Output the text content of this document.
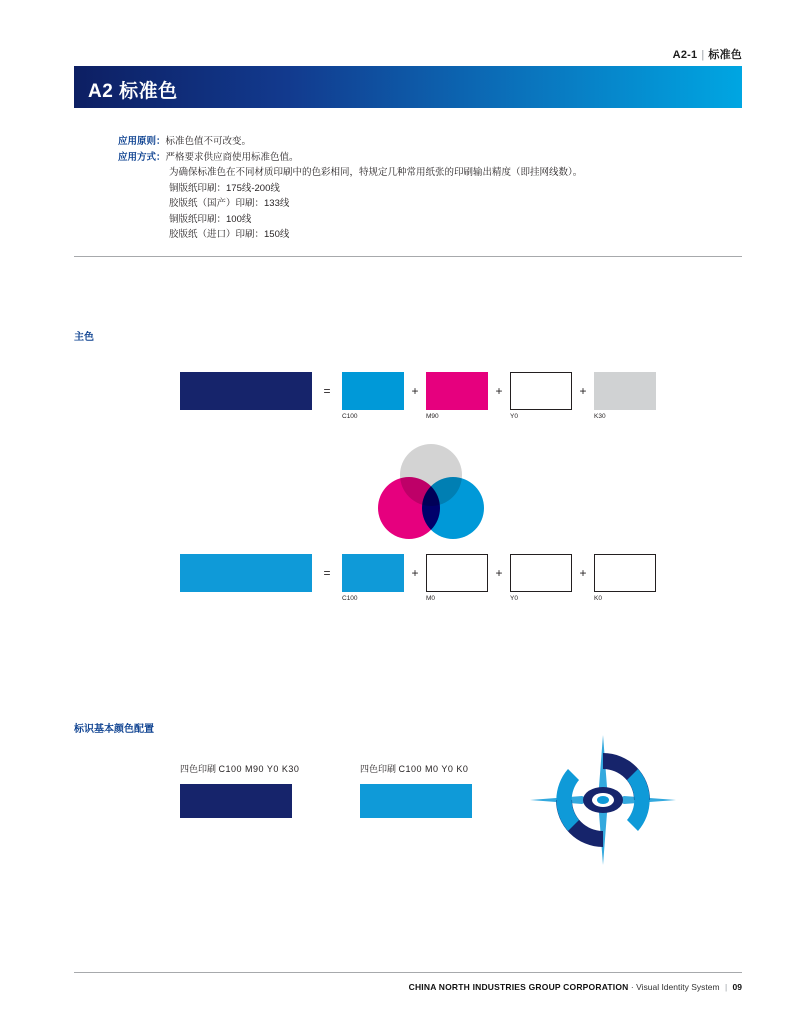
A2-1 | 标准色
A2 标准色
应用原则：标准色值不可改变。
应用方式：严格要求供应商使用标准色值。
为确保标准色在不同材质印刷中的色彩相同，特规定几种常用纸张的印刷输出精度（即挂网线数）。
铜版纸印刷：175线-200线
胶版纸（国产）印刷：133线
铜版纸印刷：100线
胶版纸（进口）印刷：150线
主色
=
C100
+
M90
+
Y0
+
K30
=
C100
+
M0
+
Y0
+
K0
标识基本颜色配置
四色印刷 C100 M90 Y0 K30	四色印刷 C100 M0 Y0 K0
CHINA NORTH INDUSTRIES GROUP CORPORATION · Visual Identity System | 09
